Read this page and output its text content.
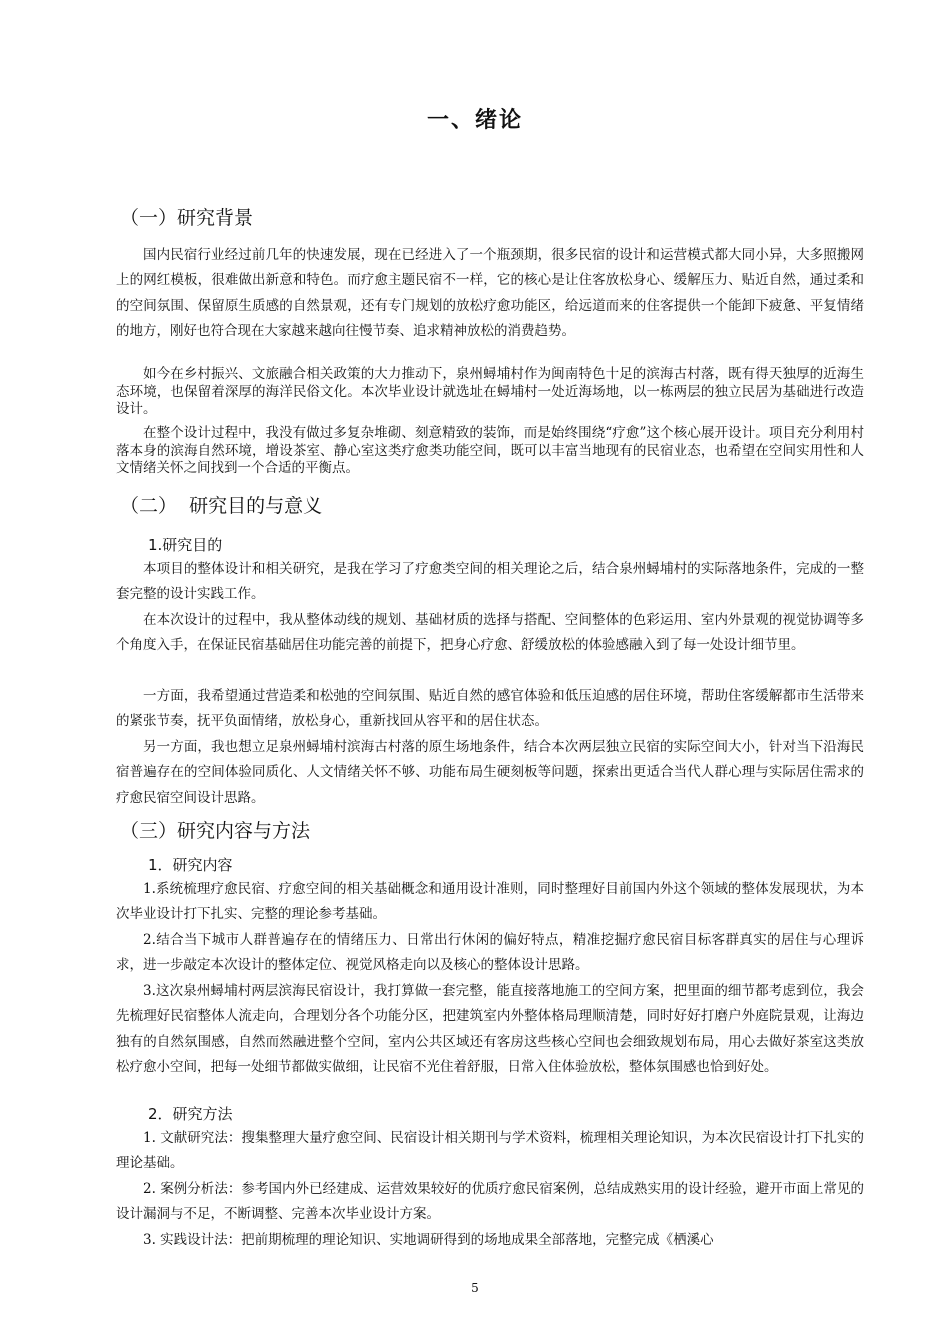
一、绪论
（一）研究背景

国内民宿行业经过前几年的快速发展，现在已经进入了一个瓶颈期，很多民宿的设计和运营模式都大同小异，大多照搬网上的网红模板，很难做出新意和特色。而疗愈主题民宿不一样，它的核心是让住客放松身心、缓解压力、贴近自然，通过柔和的空间氛围、保留原生质感的自然景观，还有专门规划的放松疗愈功能区，给远道而来的住客提供一个能卸下疲惫、平复情绪的地方，刚好也符合现在大家越来越向往慢节奏、追求精神放松的消费趋势。

如今在乡村振兴、文旅融合相关政策的大力推动下，泉州蟳埔村作为闽南特色十足的滨海古村落，既有得天独厚的近海生态环境，也保留着深厚的海洋民俗文化。本次毕业设计就选址在蟳埔村一处近海场地，以一栋两层的独立民居为基础进行改造设计。

在整个设计过程中，我没有做过多复杂堆砌、刻意精致的装饰，而是始终围绕“疗愈”这个核心展开设计。项目充分利用村落本身的滨海自然环境，增设茶室、静心室这类疗愈类功能空间，既可以丰富当地现有的民宿业态，也希望在空间实用性和人文情绪关怀之间找到一个合适的平衡点。

（二）  研究目的与意义
1.研究目的

本项目的整体设计和相关研究，是我在学习了疗愈类空间的相关理论之后，结合泉州蟳埔村的实际落地条件，完成的一整套完整的设计实践工作。

在本次设计的过程中，我从整体动线的规划、基础材质的选择与搭配、空间整体的色彩运用、室内外景观的视觉协调等多个角度入手，在保证民宿基础居住功能完善的前提下，把身心疗愈、舒缓放松的体验感融入到了每一处设计细节里。

一方面，我希望通过营造柔和松弛的空间氛围、贴近自然的感官体验和低压迫感的居住环境，帮助住客缓解都市生活带来的紧张节奏，抚平负面情绪，放松身心，重新找回从容平和的居住状态。

另一方面，我也想立足泉州蟳埔村滨海古村落的原生场地条件，结合本次两层独立民宿的实际空间大小，针对当下沿海民宿普遍存在的空间体验同质化、人文情绪关怀不够、功能布局生硬刻板等问题，探索出更适合当代人群心理与实际居住需求的疗愈民宿空间设计思路。

（三）研究内容与方法
1．研究内容

1.系统梳理疗愈民宿、疗愈空间的相关基础概念和通用设计准则，同时整理好目前国内外这个领域的整体发展现状，为本次毕业设计打下扎实、完整的理论参考基础。

2.结合当下城市人群普遍存在的情绪压力、日常出行休闲的偏好特点，精准挖掘疗愈民宿目标客群真实的居住与心理诉求，进一步敲定本次设计的整体定位、视觉风格走向以及核心的整体设计思路。

3.这次泉州蟳埔村两层滨海民宿设计，我打算做一套完整，能直接落地施工的空间方案，把里面的细节都考虑到位，我会先梳理好民宿整体人流走向，合理划分各个功能分区，把建筑室内外整体格局理顺清楚，同时好好打磨户外庭院景观，让海边独有的自然氛围感，自然而然融进整个空间，室内公共区域还有客房这些核心空间也会细致规划布局，用心去做好茶室这类放松疗愈小空间，把每一处细节都做实做细，让民宿不光住着舒服，日常入住体验放松，整体氛围感也恰到好处。

2．研究方法

1. 文献研究法：搜集整理大量疗愈空间、民宿设计相关期刊与学术资料，梳理相关理论知识，为本次民宿设计打下扎实的理论基础。

2. 案例分析法：参考国内外已经建成、运营效果较好的优质疗愈民宿案例，总结成熟实用的设计经验，避开市面上常见的设计漏洞与不足，不断调整、完善本次毕业设计方案。

3. 实践设计法：把前期梳理的理论知识、实地调研得到的场地成果全部落地，完整完成《栖溪心

5
